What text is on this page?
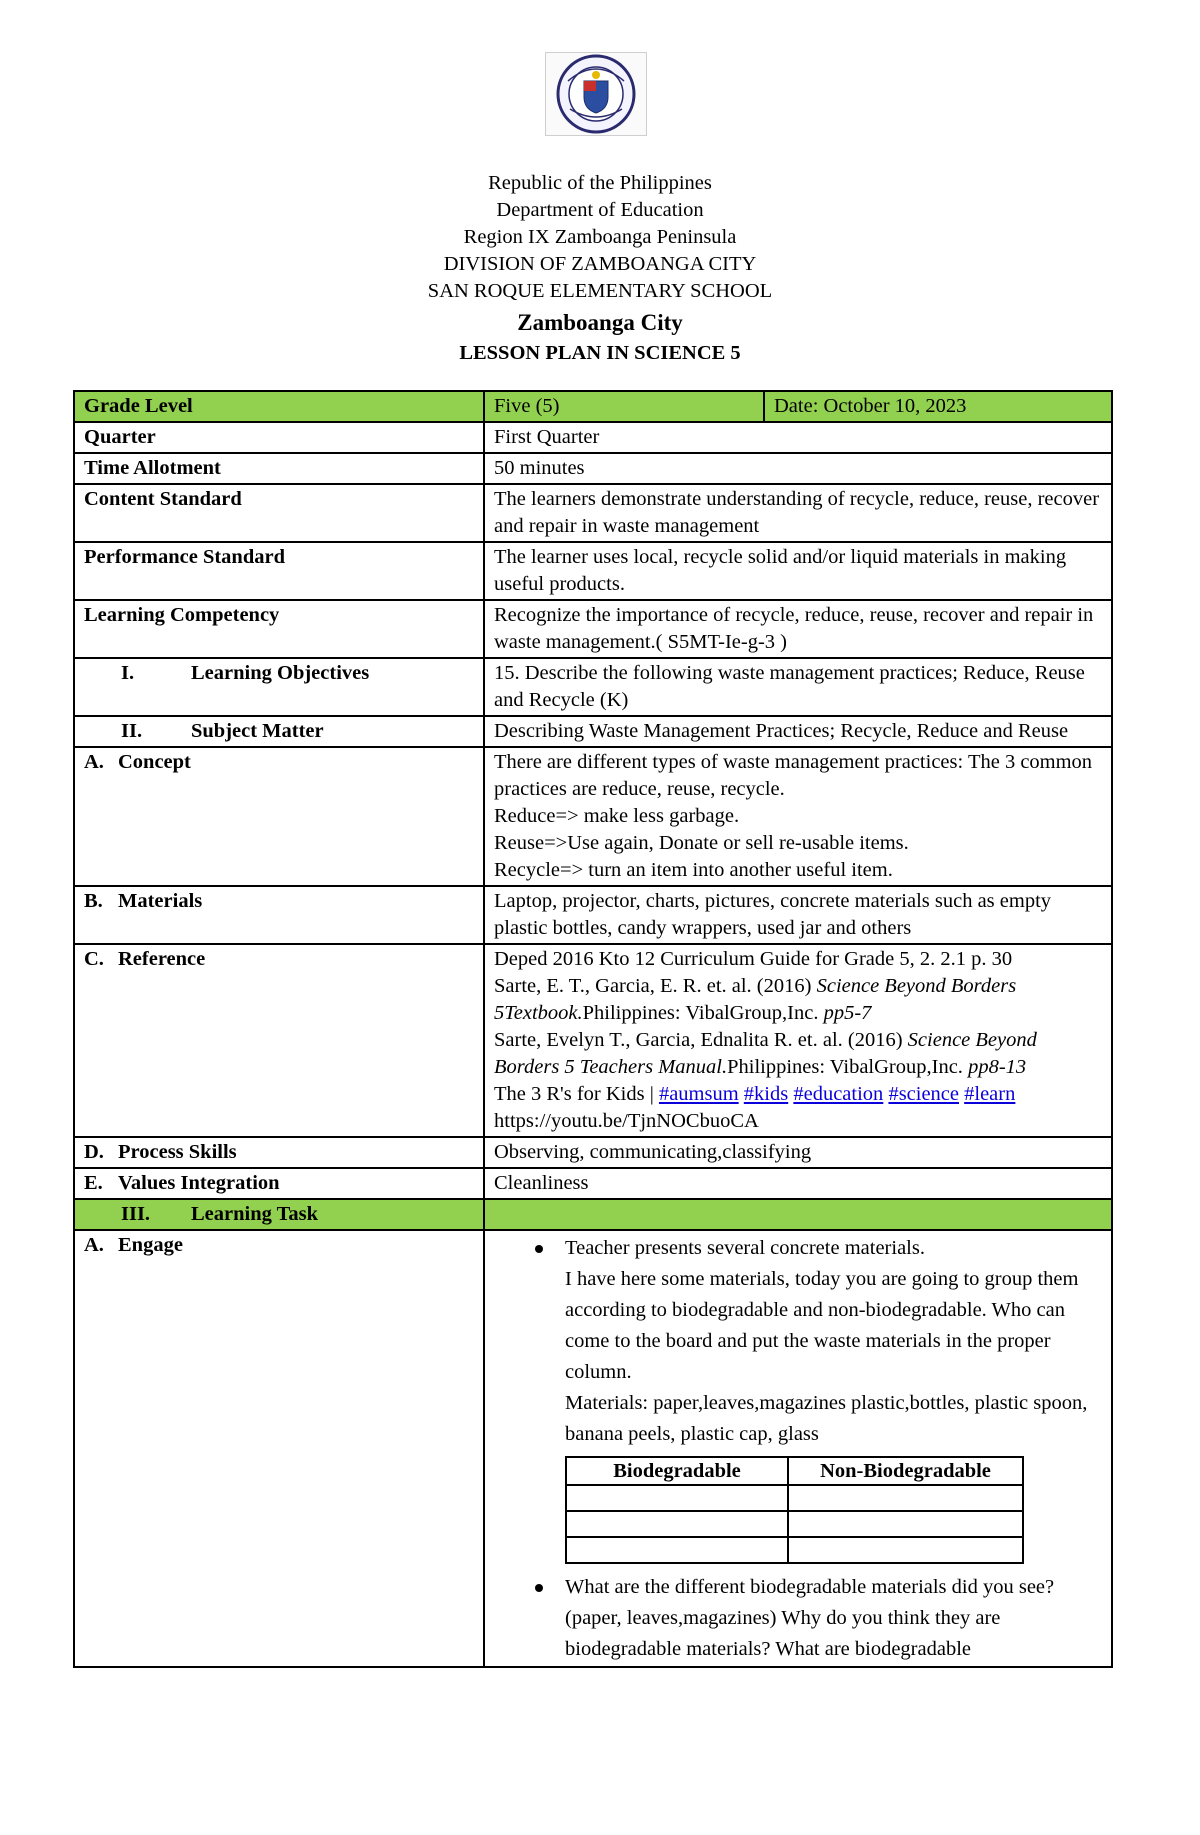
Republic of the Philippines
Department of Education
Region IX Zamboanga Peninsula
DIVISION OF ZAMBOANGA CITY
SAN ROQUE ELEMENTARY SCHOOL
Zamboanga City
LESSON PLAN IN SCIENCE 5
Grade Level	Five (5)	Date: October 10, 2023
Quarter	First Quarter
Time Allotment	50 minutes
Content Standard	The learners demonstrate understanding of recycle, reduce, reuse, recover and repair in waste management
Performance Standard	The learner uses local, recycle solid and/or liquid materials in making useful products.
Learning Competency	Recognize the importance of recycle, reduce, reuse, recover and repair in waste management.( S5MT-Ie-g-3 )
I.	Learning Objectives	15. Describe the following waste management practices; Reduce, Reuse and Recycle (K)
II. Subject Matter	Describing Waste Management Practices; Recycle, Reduce and Reuse
A. Concept	There are different types of waste management practices: The 3 common practices are reduce, reuse, recycle.
Reduce=> make less garbage.
Reuse=>Use again, Donate or sell re-usable items.
Recycle=> turn an item into another useful item.

B. Materials	Laptop, projector, charts, pictures, concrete materials such as empty plastic bottles, candy wrappers, used jar and others
C. Reference	Deped 2016 Kto 12 Curriculum Guide for Grade 5, 2. 2.1 p. 30
Sarte, E. T., Garcia, E. R. et. al. (2016) Science Beyond Borders 5Textbook.Philippines: VibalGroup,Inc. pp5-7
Sarte, Evelyn T., Garcia, Ednalita R. et. al. (2016) Science Beyond Borders 5 Teachers Manual.Philippines: VibalGroup,Inc. pp8-13
The 3 R's for Kids | #aumsum #kids #education #science #learn
https://youtu.be/TjnNOCbuoCA

D. Process Skills	Observing, communicating,classifying
E. Values Integration	Cleanliness
III. Learning Task	
A. Engage	Teacher presents several concrete materials.
I have here some materials, today you are going to group them according to biodegradable and non-biodegradable. Who can come to the board and put the waste materials in the proper column.
Materials: paper,leaves,magazines plastic,bottles, plastic spoon, banana peels, plastic cap, glass
Biodegradable	Non-Biodegradable

What are the different biodegradable materials did you see? (paper, leaves,magazines) Why do you think they are biodegradable materials? What are biodegradable
